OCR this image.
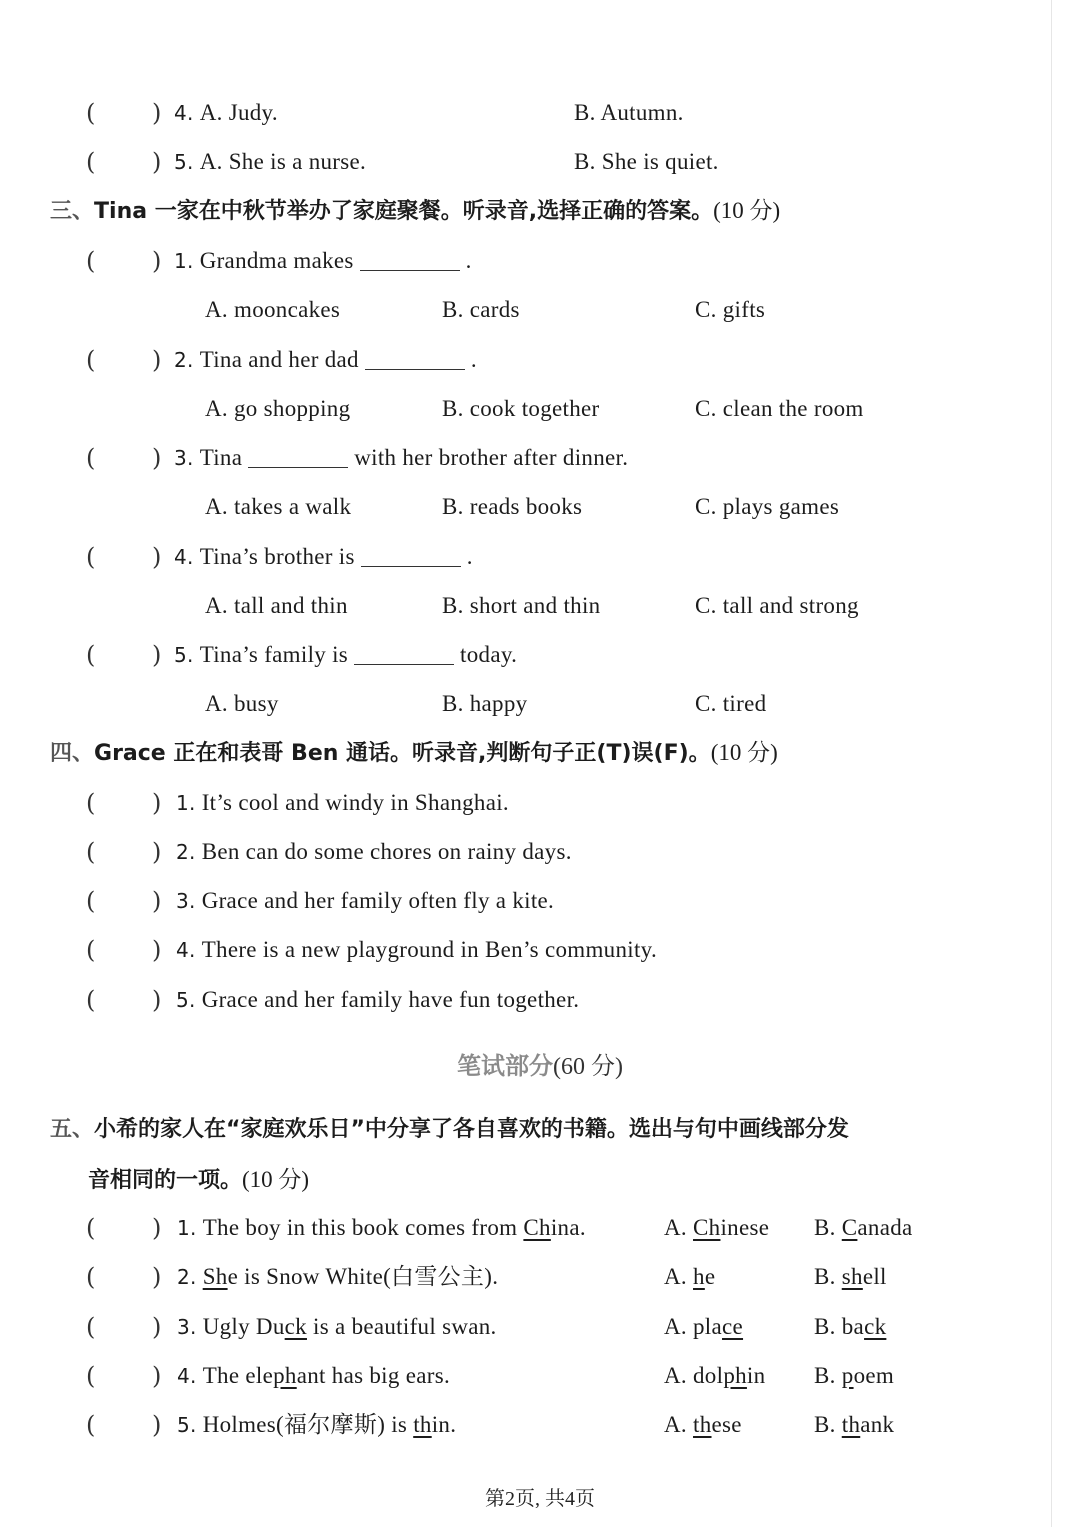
( ) 4. A. Judy.	B. Autumn.
( ) 5. A. She is a nurse.	B. She is quiet.
三、Tina 一家在中秋节举办了家庭聚餐。听录音,选择正确的答案。(10 分)
( ) 1. Grandma makes	.
A. mooncakes	B. cards	C. gifts
( ) 2. Tina and her dad	.
A. go shopping	B. cook together	C. clean the room
( ) 3. Tina	with her brother after dinner.
A. takes a walk	B. reads books	C. plays games
( ) 4. Tina’s brother is	.
A. tall and thin	B. short and thin	C. tall and strong
( ) 5. Tina’s family is	today.
A. busy	B. happy	C. tired
四、Grace 正在和表哥 Ben 通话。听录音,判断句子正(T)误(F)。(10 分)
( ) 1. It’s cool and windy in Shanghai.
( ) 2. Ben can do some chores on rainy days.
( ) 3. Grace and her family often fly a kite.
( ) 4. There is a new playground in Ben’s community.
( ) 5. Grace and her family have fun together.
笔试部分(60 分)
五、小希的家人在“家庭欢乐日”中分享了各自喜欢的书籍。选出与句中画线部分发
音相同的一项。(10 分)
( ) 1. The boy in this book comes from China.	A. Chinese B. Canada
( ) 2. She is Snow White(白雪公主).	A. he	B. shell
( ) 3. Ugly Duck is a beautiful swan.	A. place	B. back
( ) 4. The elephant has big ears.	A. dolphin B. poem
( ) 5. Holmes(福尔摩斯) is thin.	A. these	B. thank
第2页, 共4页
